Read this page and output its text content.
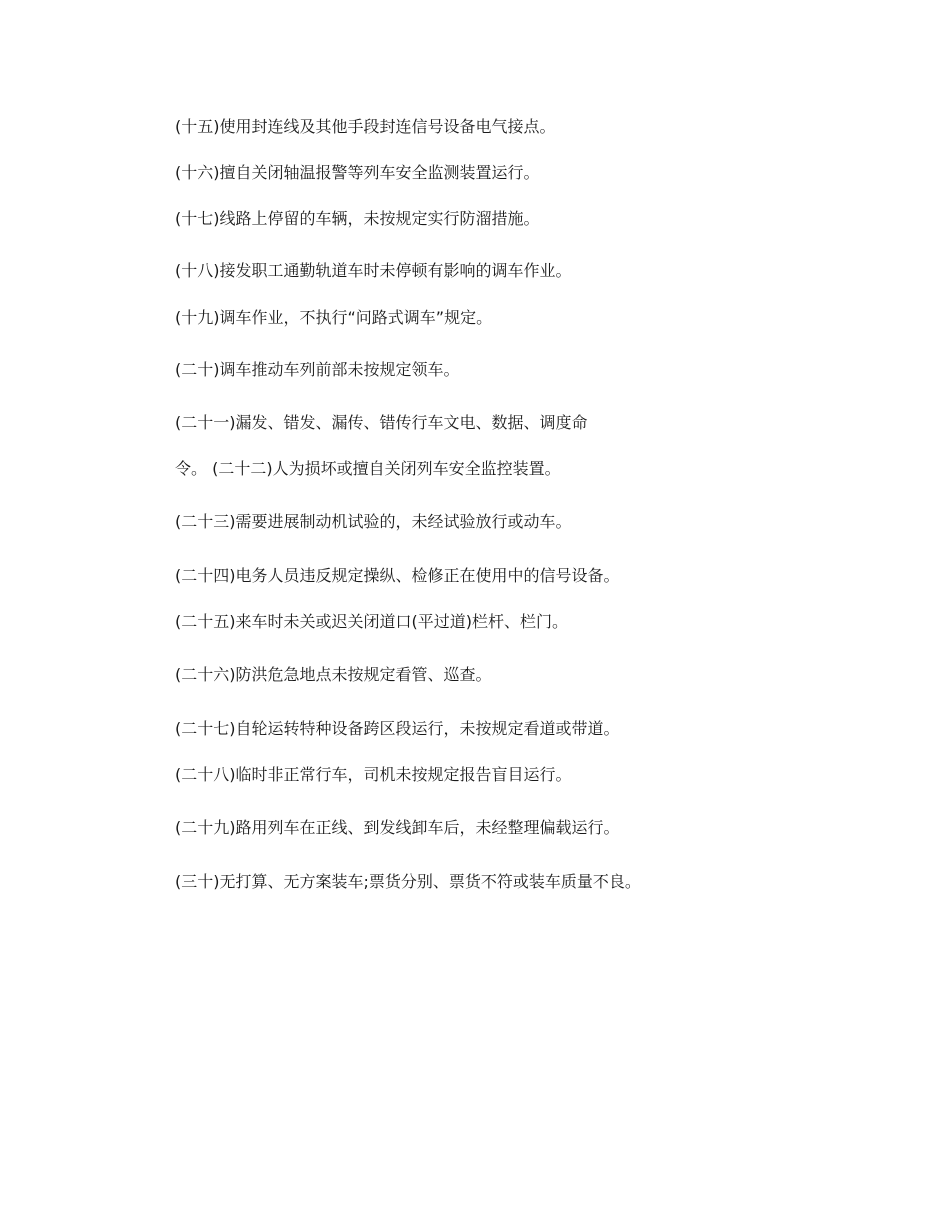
(十五)使用封连线及其他手段封连信号设备电气接点。
(十六)擅自关闭轴温报警等列车安全监测装置运行。
(十七)线路上停留的车辆，未按规定实行防溜措施。
(十八)接发职工通勤轨道车时未停顿有影响的调车作业。
(十九)调车作业，不执行“问路式调车”规定。
(二十)调车推动车列前部未按规定领车。
(二十一)漏发、错发、漏传、错传行车文电、数据、调度命
令。 (二十二)人为损坏或擅自关闭列车安全监控装置。
(二十三)需要进展制动机试验的，未经试验放行或动车。
(二十四)电务人员违反规定操纵、检修正在使用中的信号设备。
(二十五)来车时未关或迟关闭道口(平过道)栏杆、栏门。
(二十六)防洪危急地点未按规定看管、巡查。
(二十七)自轮运转特种设备跨区段运行，未按规定看道或带道。
(二十八)临时非正常行车，司机未按规定报告盲目运行。
(二十九)路用列车在正线、到发线卸车后，未经整理偏载运行。
(三十)无打算、无方案装车;票货分别、票货不符或装车质量不良。
